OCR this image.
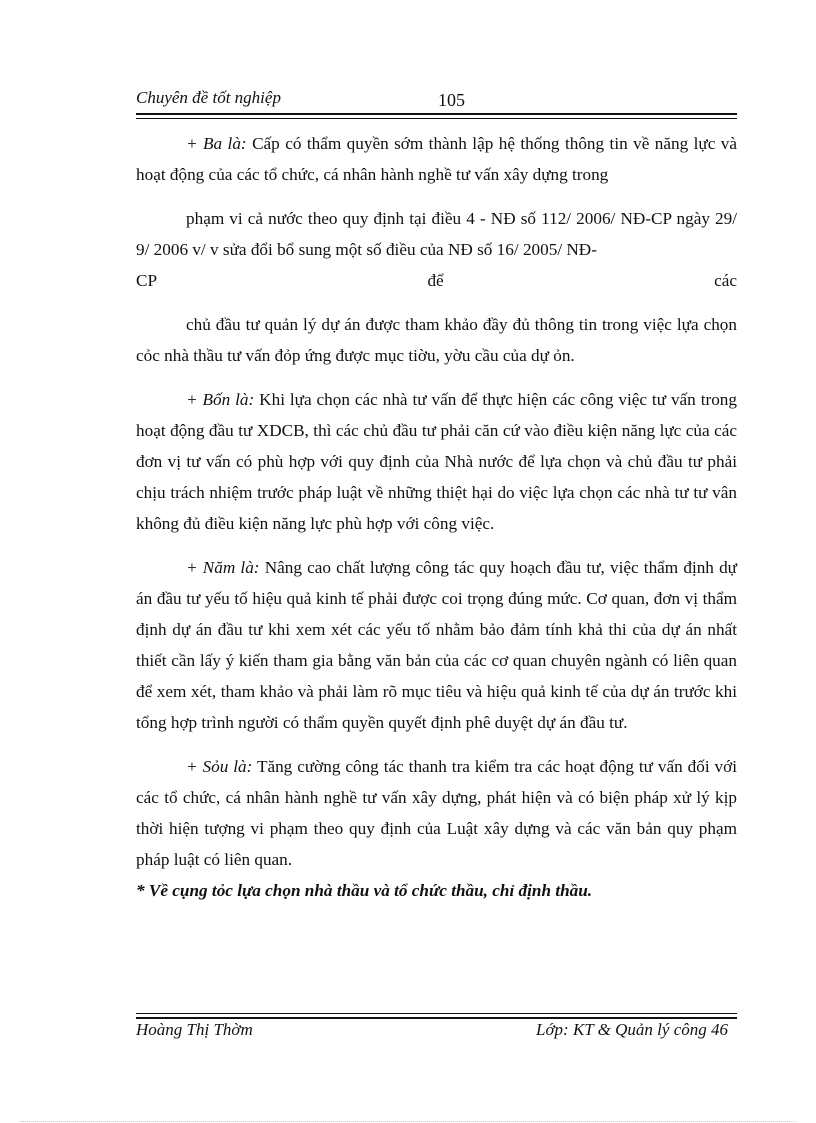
Chuyên đề tốt nghiệp	105

+ Ba là: Cấp có thẩm quyền sớm thành lập hệ thống thông tin về năng lực và hoạt động của các tổ chức, cá nhân hành nghề tư vấn xây dựng trong

phạm vi cả nước theo quy định tại điều 4 - NĐ số 112/ 2006/ NĐ-CP ngày 29/ 9/ 2006 v/ v sửa đổi bổ sung một số điều của NĐ số 16/ 2005/ NĐ-

CP	để	các

chủ đầu tư quản lý dự án được tham khảo đầy đủ thông tin trong việc lựa chọn cỏc nhà thầu tư vấn đỏp ứng được mục tiờu, yờu cầu của dự ỏn.

+ Bốn là: Khi lựa chọn các nhà tư vấn để thực hiện các công việc tư vấn trong hoạt động đầu tư XDCB, thì các chủ đầu tư phải căn cứ vào điều kiện năng lực của các đơn vị tư vấn có phù hợp với quy định của Nhà nước để lựa chọn và chủ đầu tư phải chịu trách nhiệm trước pháp luật về những thiệt hại do việc lựa chọn các nhà tư tư vân không đủ điều kiện năng lực phù hợp với công việc.

+ Năm là: Nâng cao chất lượng công tác quy hoạch đầu tư, việc thẩm định dự án đầu tư yếu tố hiệu quả kinh tế phải được coi trọng đúng mức. Cơ quan, đơn vị thẩm định dự án đầu tư khi xem xét các yếu tố nhằm bảo đảm tính khả thi của dự án nhất thiết cần lấy ý kiến tham gia bằng văn bản của các cơ quan chuyên ngành có liên quan để xem xét, tham khảo và phải làm rõ mục tiêu và hiệu quả kinh tế của dự án trước khi tổng hợp trình người có thẩm quyền quyết định phê duyệt dự án đầu tư.

+ Sỏu là: Tăng cường công tác thanh tra kiểm tra các hoạt động tư vấn đối với các tổ chức, cá nhân hành nghề tư vấn xây dựng, phát hiện và có biện pháp xử lý kịp thời hiện tượng vi phạm theo quy định của Luật xây dựng và các văn bản quy phạm pháp luật có liên quan.

* Về cụng tỏc lựa chọn nhà thầu và tổ chức thầu, chỉ định thầu.

Hoàng Thị Thờm	Lớp: KT & Quản lý công 46
